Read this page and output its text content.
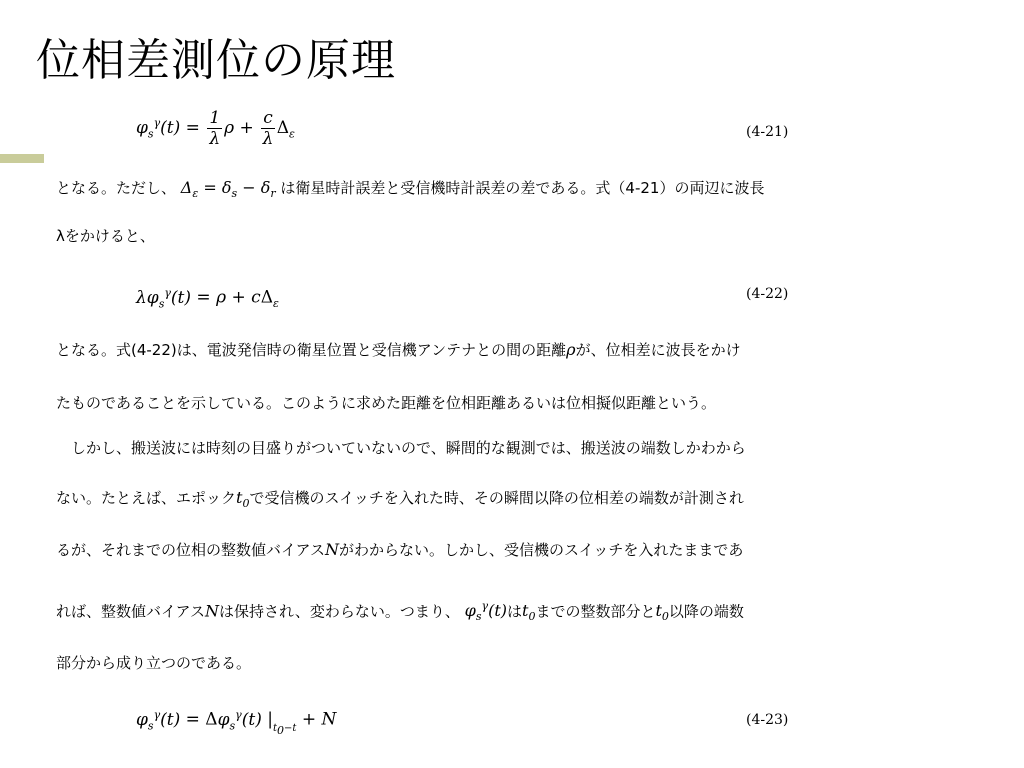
位相差測位の原理
$\varphi_s^\gamma(t) = \frac{1}{\lambda}$ $\rho + \frac{c}{\lambda} \Delta_\varepsilon$	(4-21)

となる。ただし、 $\Delta_\varepsilon = \delta_s - \delta_r$ は衛星時計誤差と受信機時計誤差の差である。式（4-21）の両辺に波長

λをかけると、

$\lambda\varphi_s^\gamma(t) = \rho + c\Delta_\varepsilon$
(4-22)

となる。式(4-22)は、電波発信時の衛星位置と受信機アンテナとの間の距離ρが、位相差に波長をかけ

たものであることを示している。このように求めた距離を位相距離あるいは位相擬似距離という。

　しかし、搬送波には時刻の目盛りがついていないので、瞬間的な観測では、搬送波の端数しかわから

ない。たとえば、エポック$t_0$で受信機のスイッチを入れた時、その瞬間以降の位相差の端数が計測され

るが、それまでの位相の整数値バイアスNがわからない。しかし、受信機のスイッチを入れたままであ

れば、整数値バイアスNは保持され、変わらない。つまり、 $\varphi_s^\gamma(t)$は$t_0$までの整数部分と$t_0$以降の端数

部分から成り立つのである。

$\varphi_s^\gamma(t) = \Delta\varphi_s^\gamma(t) |_{t_0-t} + N$	(4-23)
